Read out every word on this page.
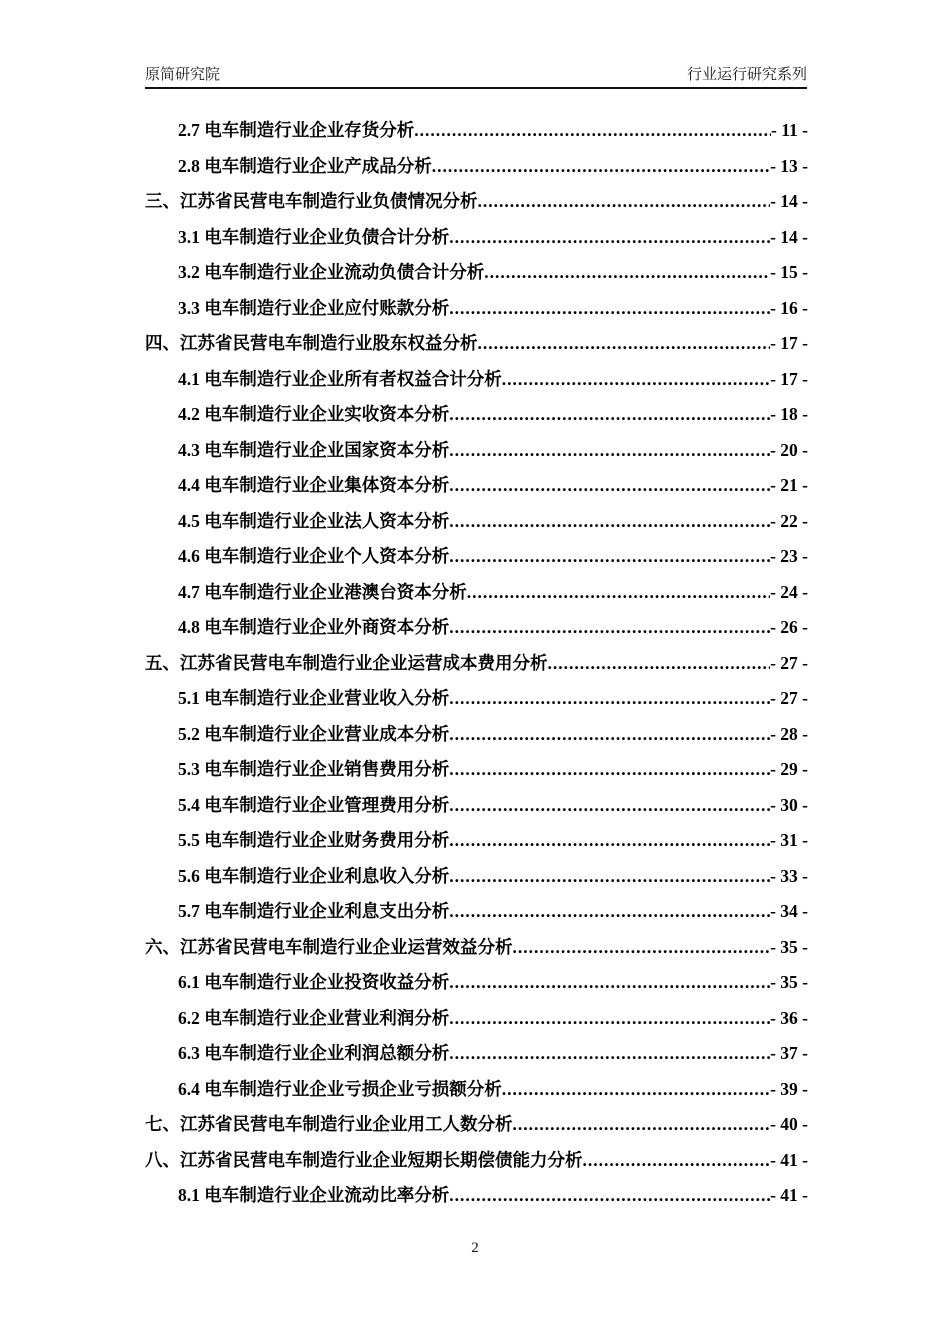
原简研究院	行业运行研究系列
2.7 电车制造行业企业存货分析 .....	- 11 -
2.8 电车制造行业企业产成品分析 .....	- 13 -
三、江苏省民营电车制造行业负债情况分析 .....	- 14 -
3.1 电车制造行业企业负债合计分析 .....	- 14 -
3.2 电车制造行业企业流动负债合计分析 .....	- 15 -
3.3 电车制造行业企业应付账款分析 .....	- 16 -
四、江苏省民营电车制造行业股东权益分析 .....	- 17 -
4.1 电车制造行业企业所有者权益合计分析 .....	- 17 -
4.2 电车制造行业企业实收资本分析 .....	- 18 -
4.3 电车制造行业企业国家资本分析 .....	- 20 -
4.4 电车制造行业企业集体资本分析 .....	- 21 -
4.5 电车制造行业企业法人资本分析 .....	- 22 -
4.6 电车制造行业企业个人资本分析 .....	- 23 -
4.7 电车制造行业企业港澳台资本分析 .....	- 24 -
4.8 电车制造行业企业外商资本分析 .....	- 26 -
五、江苏省民营电车制造行业企业运营成本费用分析 .....	- 27 -
5.1 电车制造行业企业营业收入分析 .....	- 27 -
5.2 电车制造行业企业营业成本分析 .....	- 28 -
5.3 电车制造行业企业销售费用分析 .....	- 29 -
5.4 电车制造行业企业管理费用分析 .....	- 30 -
5.5 电车制造行业企业财务费用分析 .....	- 31 -
5.6 电车制造行业企业利息收入分析 .....	- 33 -
5.7 电车制造行业企业利息支出分析 .....	- 34 -
六、江苏省民营电车制造行业企业运营效益分析 .....	- 35 -
6.1 电车制造行业企业投资收益分析 .....	- 35 -
6.2 电车制造行业企业营业利润分析 .....	- 36 -
6.3 电车制造行业企业利润总额分析 .....	- 37 -
6.4 电车制造行业企业亏损企业亏损额分析 .....	- 39 -
七、江苏省民营电车制造行业企业用工人数分析 .....	- 40 -
八、江苏省民营电车制造行业企业短期长期偿债能力分析 .....	- 41 -
8.1 电车制造行业企业流动比率分析 .....	- 41 -
2
